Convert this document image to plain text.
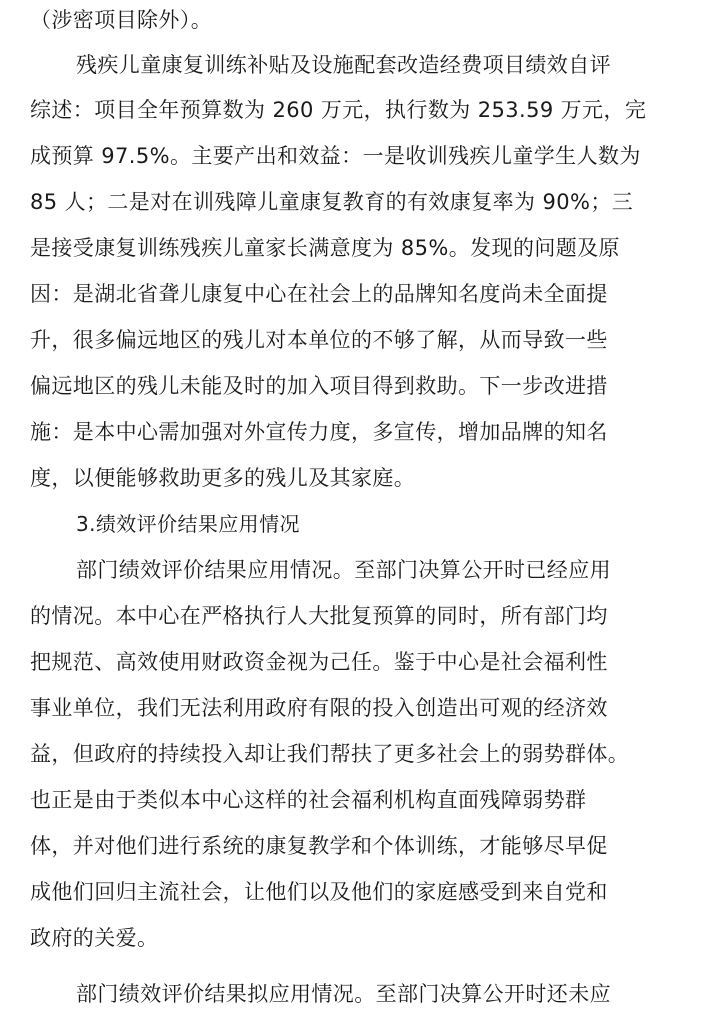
（涉密项目除外）。
残疾儿童康复训练补贴及设施配套改造经费项目绩效自评
综述：项目全年预算数为 260 万元，执行数为 253.59 万元，完
成预算 97.5%。主要产出和效益：一是收训残疾儿童学生人数为
85 人；二是对在训残障儿童康复教育的有效康复率为 90%；三
是接受康复训练残疾儿童家长满意度为 85%。发现的问题及原
因：是湖北省聋儿康复中心在社会上的品牌知名度尚未全面提
升，很多偏远地区的残儿对本单位的不够了解，从而导致一些
偏远地区的残儿未能及时的加入项目得到救助。下一步改进措
施：是本中心需加强对外宣传力度，多宣传，增加品牌的知名
度，以便能够救助更多的残儿及其家庭。
3.绩效评价结果应用情况
部门绩效评价结果应用情况。至部门决算公开时已经应用
的情况。本中心在严格执行人大批复预算的同时，所有部门均
把规范、高效使用财政资金视为己任。鉴于中心是社会福利性
事业单位，我们无法利用政府有限的投入创造出可观的经济效
益，但政府的持续投入却让我们帮扶了更多社会上的弱势群体。
也正是由于类似本中心这样的社会福利机构直面残障弱势群
体，并对他们进行系统的康复教学和个体训练，才能够尽早促
成他们回归主流社会，让他们以及他们的家庭感受到来自党和
政府的关爱。
部门绩效评价结果拟应用情况。至部门决算公开时还未应
